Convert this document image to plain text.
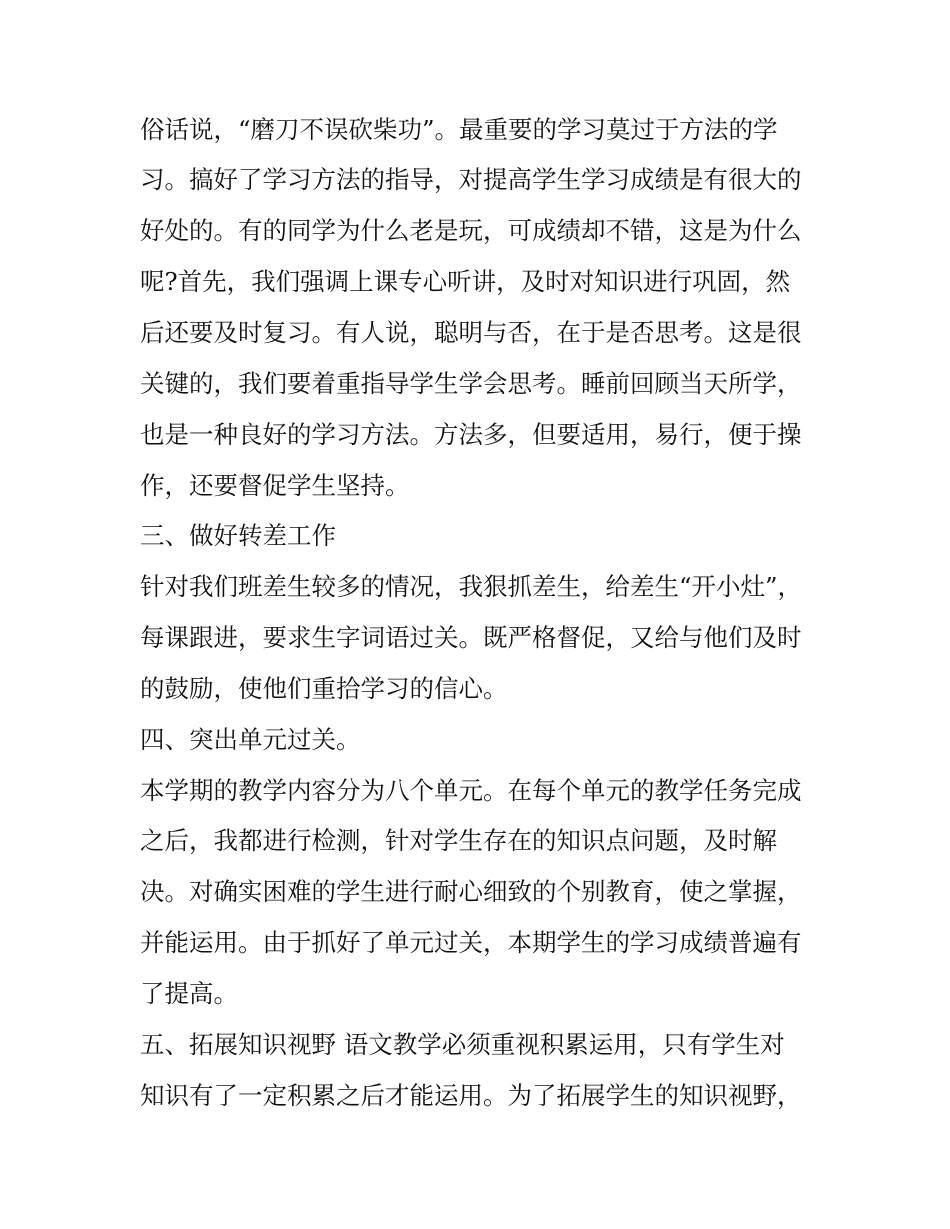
俗话说，“磨刀不误砍柴功”。最重要的学习莫过于方法的学
习。搞好了学习方法的指导，对提高学生学习成绩是有很大的
好处的。有的同学为什么老是玩，可成绩却不错，这是为什么
呢?首先，我们强调上课专心听讲，及时对知识进行巩固，然
后还要及时复习。有人说，聪明与否，在于是否思考。这是很
关键的，我们要着重指导学生学会思考。睡前回顾当天所学，
也是一种良好的学习方法。方法多，但要适用，易行，便于操
作，还要督促学生坚持。
三、做好转差工作
针对我们班差生较多的情况，我狠抓差生，给差生“开小灶”，
每课跟进，要求生字词语过关。既严格督促，又给与他们及时
的鼓励，使他们重拾学习的信心。
四、突出单元过关。
本学期的教学内容分为八个单元。在每个单元的教学任务完成
之后，我都进行检测，针对学生存在的知识点问题，及时解
决。对确实困难的学生进行耐心细致的个别教育，使之掌握，
并能运用。由于抓好了单元过关，本期学生的学习成绩普遍有
了提高。
五、拓展知识视野 语文教学必须重视积累运用，只有学生对
知识有了一定积累之后才能运用。为了拓展学生的知识视野，
